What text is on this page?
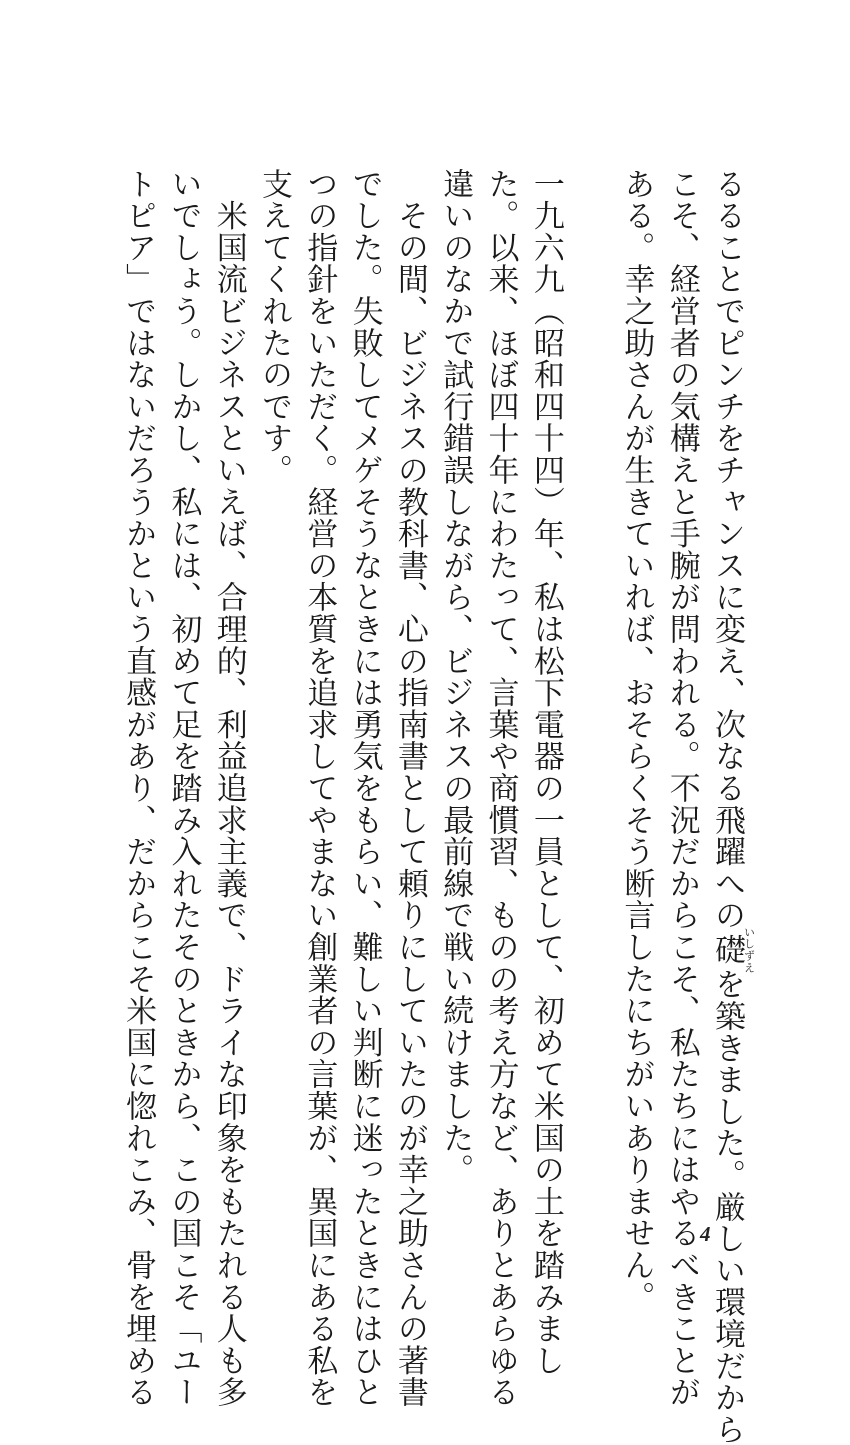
るることでピンチをチャンスに変え、次なる飛躍への礎いしずえを築きました。厳しい環境だから
こそ、経営者の気構えと手腕が問われる。不況だからこそ、私たちにはやるべきことが
ある。幸之助さんが生きていれば、おそらくそう断言したにちがいありません。
一九六九（昭和四十四）年、私は松下電器の一員として、初めて米国の土を踏みまし
た。以来、ほぼ四十年にわたって、言葉や商慣習、ものの考え方など、ありとあらゆる
違いのなかで試行錯誤しながら、ビジネスの最前線で戦い続けました。
　その間、ビジネスの教科書、心の指南書として頼りにしていたのが幸之助さんの著書
でした。失敗してメゲそうなときには勇気をもらい、難しい判断に迷ったときにはひと
つの指針をいただく。経営の本質を追求してやまない創業者の言葉が、異国にある私を
支えてくれたのです。
　米国流ビジネスといえば、合理的、利益追求主義で、ドライな印象をもたれる人も多
いでしょう。しかし、私には、初めて足を踏み入れたそのときから、この国こそ「ユー
トピア」ではないだろうかという直感があり、だからこそ米国に惚れこみ、骨を埋める	4
